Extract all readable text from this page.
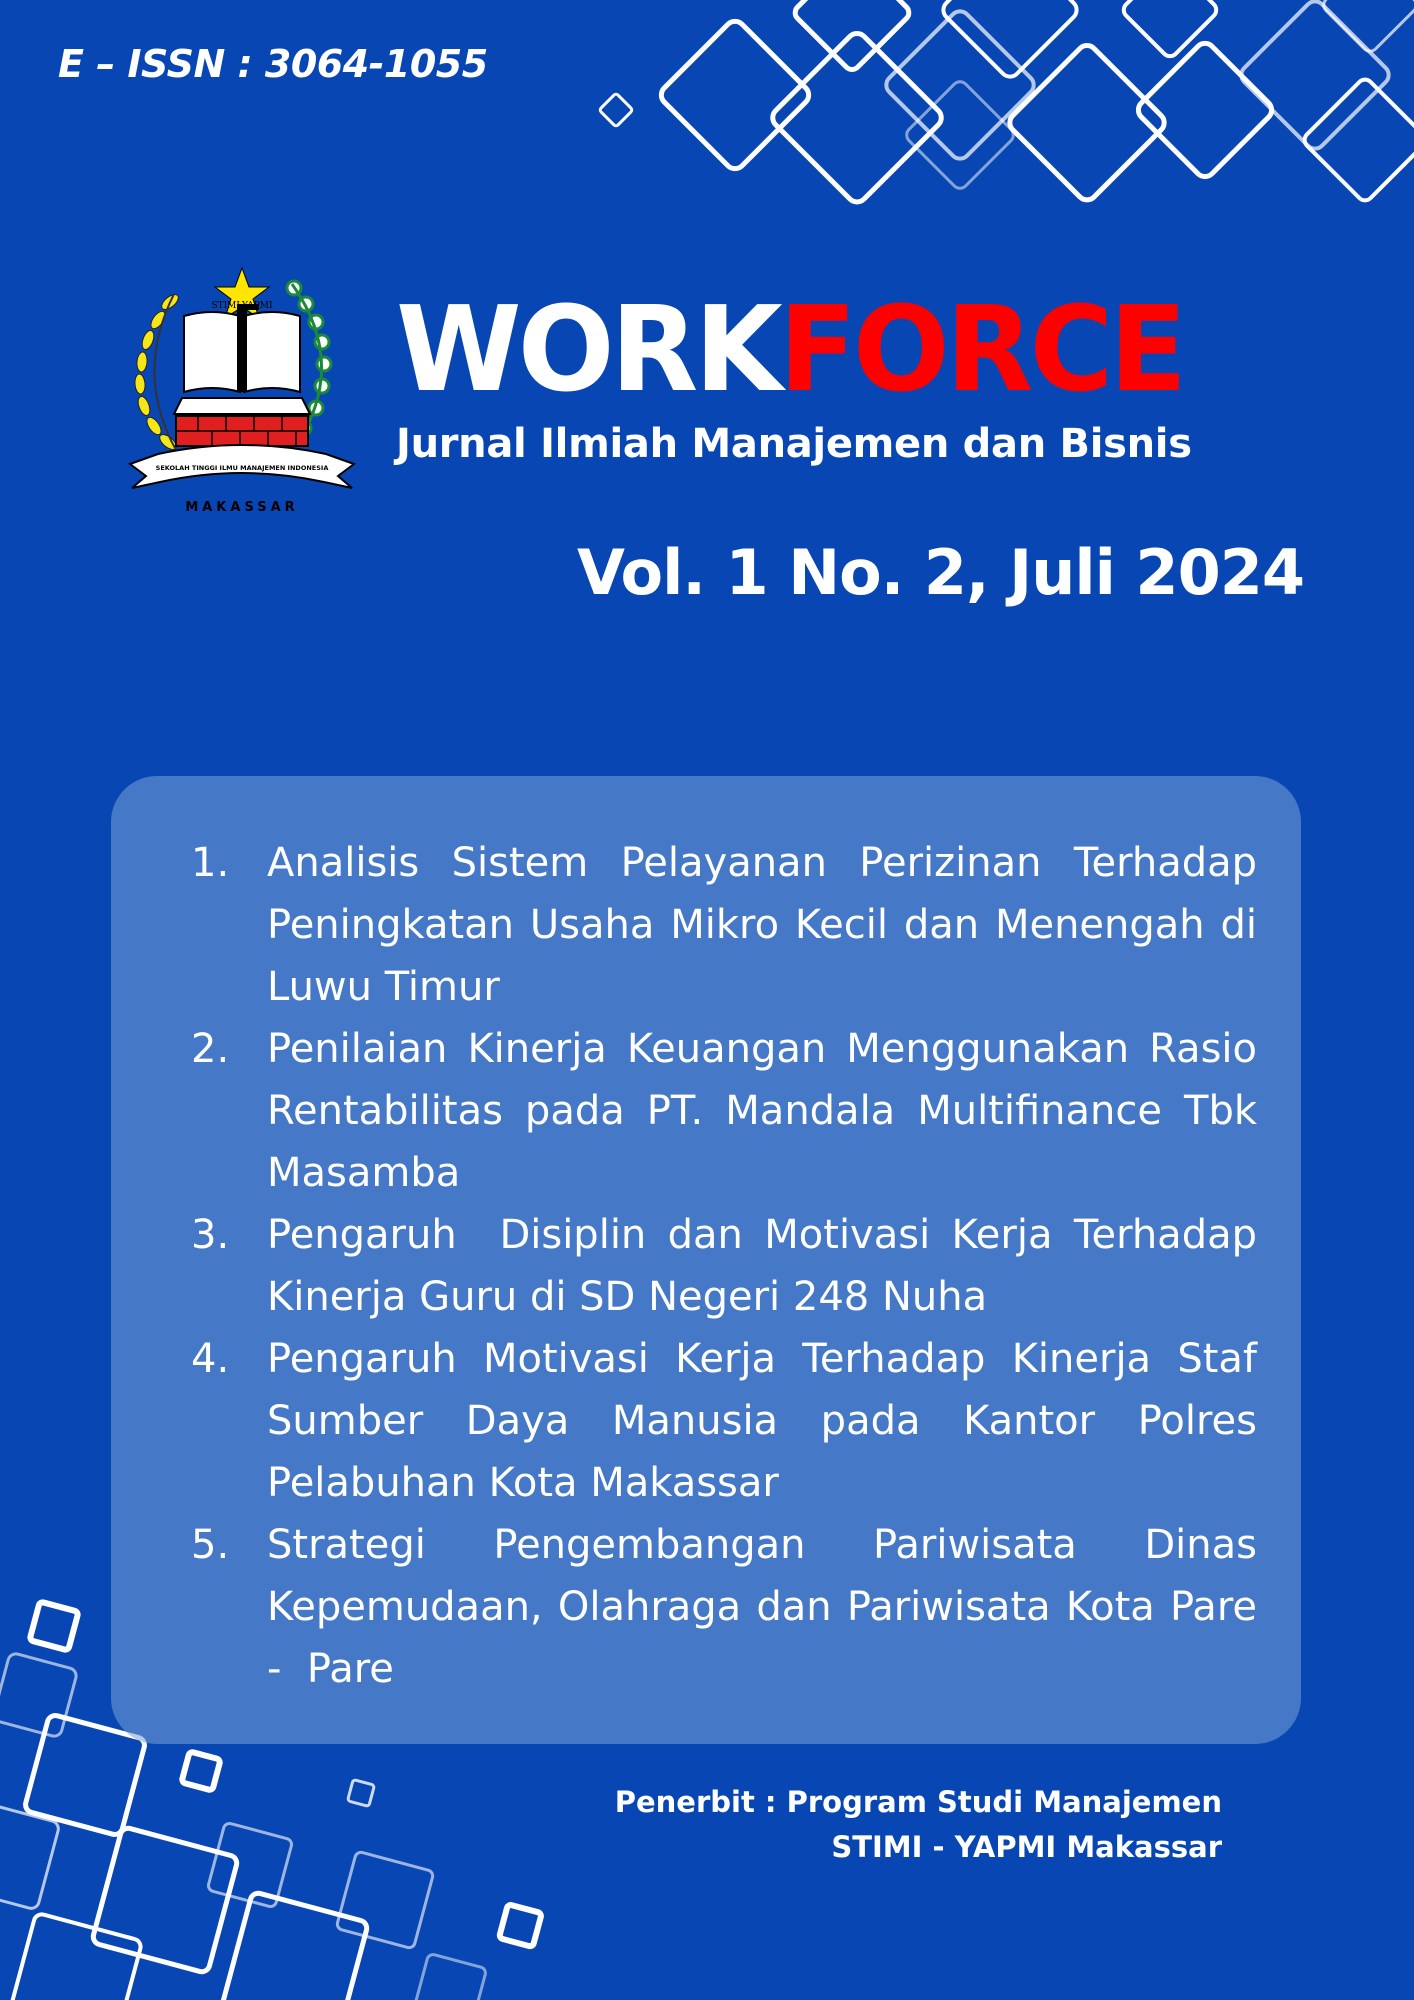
E – ISSN : 3064-1055
MAKASSAR
STIMI-YAPMI
SEKOLAH TINGGI ILMU MANAJEMEN INDONESIA
WORKFORCE

Jurnal Ilmiah Manajemen dan Bisnis

Vol. 1 No. 2, Juli 2024

1. Analisis Sistem Pelayanan Perizinan Terhadap Peningkatan Usaha Mikro Kecil dan Menengah di Luwu Timur
2. Penilaian Kinerja Keuangan Menggunakan Rasio Rentabilitas pada PT. Mandala Multifinance Tbk Masamba
3. Pengaruh  Disiplin dan Motivasi Kerja Terhadap Kinerja Guru di SD Negeri 248 Nuha
4. Pengaruh Motivasi Kerja Terhadap Kinerja Staf Sumber Daya Manusia pada Kantor Polres Pelabuhan Kota Makassar
5. Strategi Pengembangan Pariwisata Dinas Kepemudaan, Olahraga dan Pariwisata Kota Pare -  Pare

Penerbit : Program Studi Manajemen
STIMI - YAPMI Makassar
